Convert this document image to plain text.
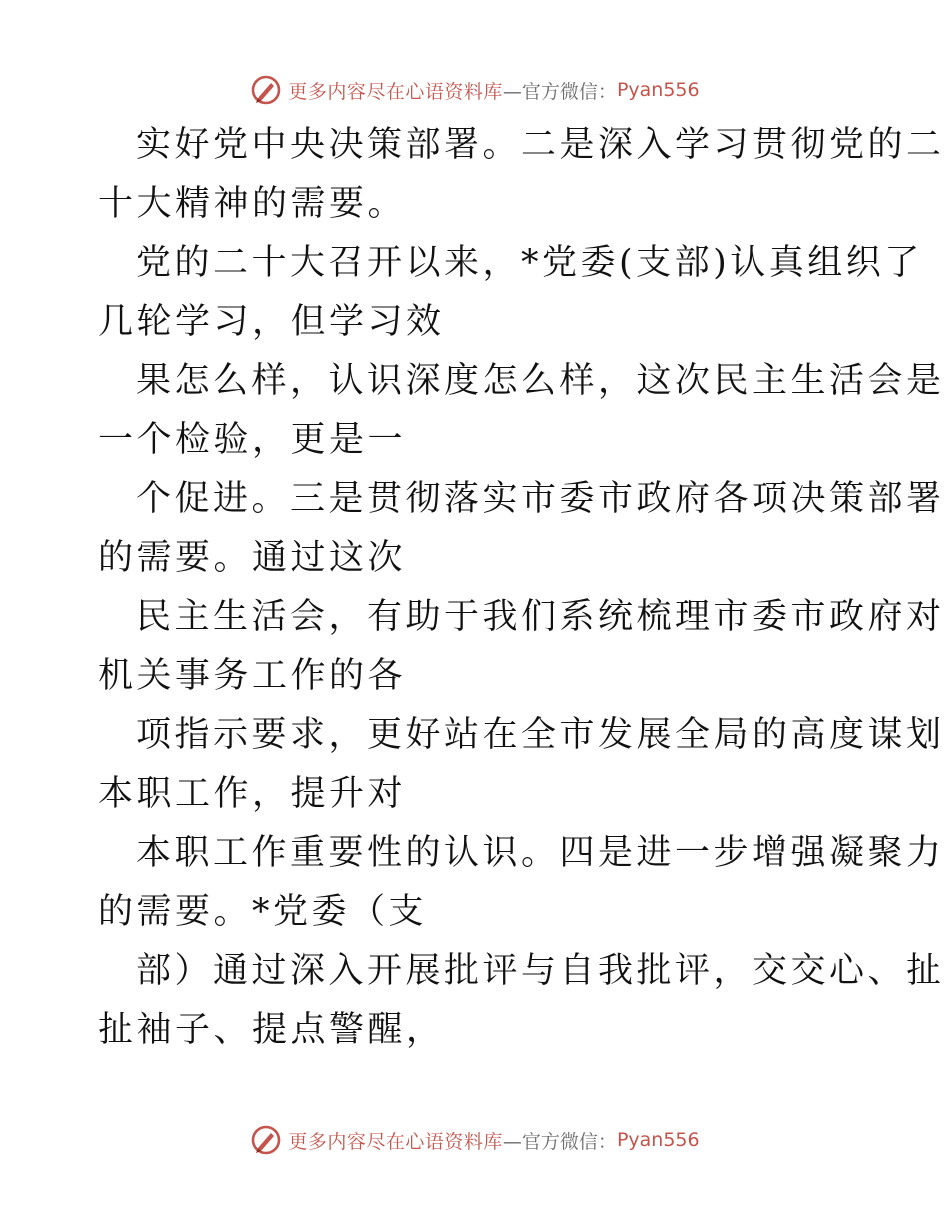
更多内容尽在心语资料库 —官方微信： Pyan556
实好党中央决策部署。二是深入学习贯彻党的二
十大精神的需要。
党的二十大召开以来，*党委(支部)认真组织了
几轮学习，但学习效
果怎么样，认识深度怎么样，这次民主生活会是
一个检验，更是一
个促进。三是贯彻落实市委市政府各项决策部署
的需要。通过这次
民主生活会，有助于我们系统梳理市委市政府对
机关事务工作的各
项指示要求，更好站在全市发展全局的高度谋划
本职工作，提升对
本职工作重要性的认识。四是进一步增强凝聚力
的需要。*党委（支
部）通过深入开展批评与自我批评，交交心、扯
扯袖子、提点警醒，
更多内容尽在心语资料库 —官方微信： Pyan556
